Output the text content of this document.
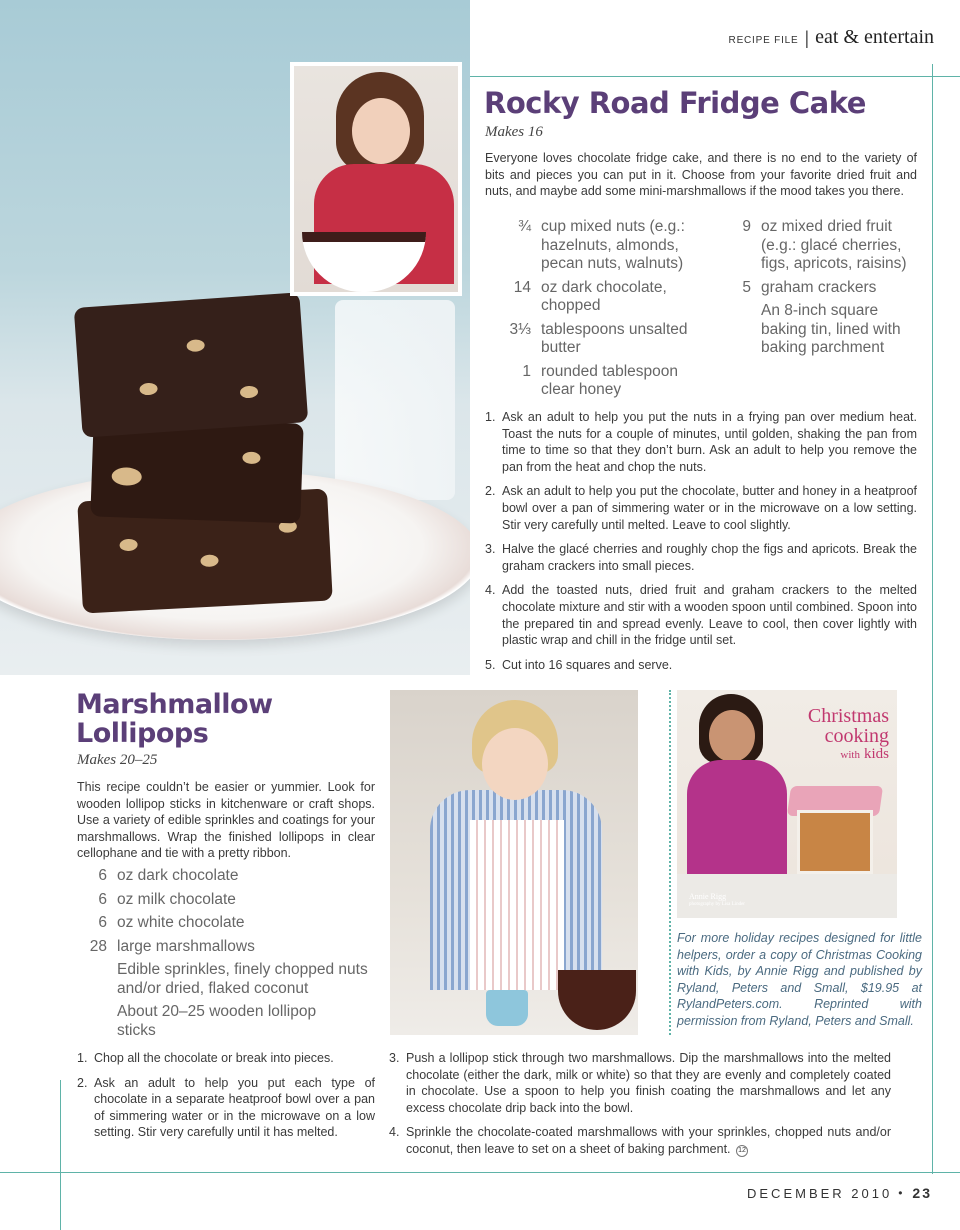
RECIPE FILE | eat & entertain
Rocky Road Fridge Cake
Makes 16
Everyone loves chocolate fridge cake, and there is no end to the variety of bits and pieces you can put in it. Choose from your favorite dried fruit and nuts, and maybe add some mini-marshmallows if the mood takes you there.
¾ cup mixed nuts (e.g.: hazelnuts, almonds, pecan nuts, walnuts)
14 oz dark chocolate, chopped
3⅓ tablespoons unsalted butter
1 rounded tablespoon clear honey
9 oz mixed dried fruit (e.g.: glacé cherries, figs, apricots, raisins)
5 graham crackers
An 8-inch square baking tin, lined with baking parchment
1. Ask an adult to help you put the nuts in a frying pan over medium heat. Toast the nuts for a couple of minutes, until golden, shaking the pan from time to time so that they don’t burn. Ask an adult to help you remove the pan from the heat and chop the nuts.
2. Ask an adult to help you put the chocolate, butter and honey in a heatproof bowl over a pan of simmering water or in the microwave on a low setting. Stir very carefully until melted. Leave to cool slightly.
3. Halve the glacé cherries and roughly chop the figs and apricots. Break the graham crackers into small pieces.
4. Add the toasted nuts, dried fruit and graham crackers to the melted chocolate mixture and stir with a wooden spoon until combined. Spoon into the prepared tin and spread evenly. Leave to cool, then cover lightly with plastic wrap and chill in the fridge until set.
5. Cut into 16 squares and serve.
Marshmallow
Lollipops
Makes 20–25
This recipe couldn’t be easier or yummier. Look for wooden lollipop sticks in kitchenware or craft shops. Use a variety of edible sprinkles and coatings for your marshmallows. Wrap the finished lollipops in clear cellophane and tie with a pretty ribbon.
6 oz dark chocolate
6 oz milk chocolate
6 oz white chocolate
28 large marshmallows
Edible sprinkles, finely chopped nuts and/or dried, flaked coconut
About 20–25 wooden lollipop sticks
1. Chop all the chocolate or break into pieces.
2. Ask an adult to help you put each type of chocolate in a separate heatproof bowl over a pan of simmering water or in the microwave on a low setting. Stir very carefully until it has melted.
3. Push a lollipop stick through two marshmallows. Dip the marshmallows into the melted chocolate (either the dark, milk or white) so that they are evenly and completely coated in chocolate. Use a spoon to help you finish coating the marshmallows and let any excess chocolate drip back into the bowl.
4. Sprinkle the chocolate-coated marshmallows with your sprinkles, chopped nuts and/or coconut, then leave to set on a sheet of baking parchment. 12
Christmas
cooking
with kids
Annie Rigg
photography by Lisa Linder
For more holiday recipes designed for little helpers, order a copy of Christmas Cooking with Kids, by Annie Rigg and published by Ryland, Peters and Small, $19.95 at RylandPeters.com. Reprinted with permission from Ryland, Peters and Small.
DECEMBER 2010 • 23
